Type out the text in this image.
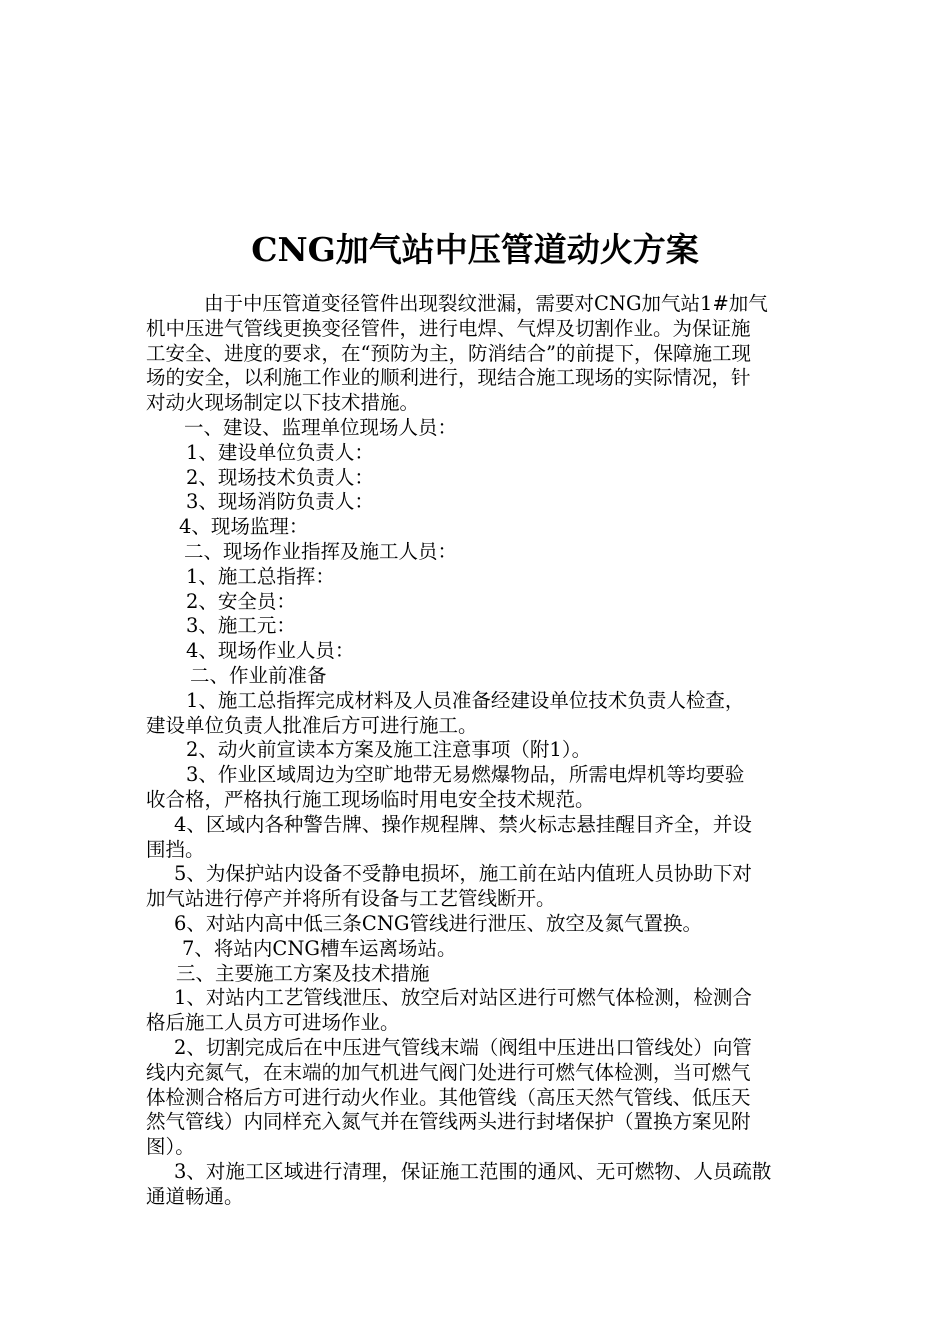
CNG加气站中压管道动火方案

由于中压管道变径管件出现裂纹泄漏，需要对CNG加气站1#加气

机中压进气管线更换变径管件，进行电焊、气焊及切割作业。为保证施

工安全、进度的要求，在“预防为主，防消结合”的前提下，保障施工现

场的安全，以利施工作业的顺利进行，现结合施工现场的实际情况，针

对动火现场制定以下技术措施。

一、建设、监理单位现场人员：

1、建设单位负责人：

2、现场技术负责人：

3、现场消防负责人：

4、现场监理：

二、现场作业指挥及施工人员：

1、施工总指挥：

2、安全员：

3、施工元：

4、现场作业人员：

二、作业前准备

1、施工总指挥完成材料及人员准备经建设单位技术负责人检查，

建设单位负责人批准后方可进行施工。

2、动火前宣读本方案及施工注意事项（附1）。

3、作业区域周边为空旷地带无易燃爆物品，所需电焊机等均要验

收合格，严格执行施工现场临时用电安全技术规范。

4、区域内各种警告牌、操作规程牌、禁火标志悬挂醒目齐全，并设

围挡。

5、为保护站内设备不受静电损坏，施工前在站内值班人员协助下对

加气站进行停产并将所有设备与工艺管线断开。

6、对站内高中低三条CNG管线进行泄压、放空及氮气置换。

7、将站内CNG槽车运离场站。

三、主要施工方案及技术措施

1、对站内工艺管线泄压、放空后对站区进行可燃气体检测，检测合

格后施工人员方可进场作业。

2、切割完成后在中压进气管线末端（阀组中压进出口管线处）向管

线内充氮气，在末端的加气机进气阀门处进行可燃气体检测，当可燃气

体检测合格后方可进行动火作业。其他管线（高压天然气管线、低压天

然气管线）内同样充入氮气并在管线两头进行封堵保护（置换方案见附

图）。

3、对施工区域进行清理，保证施工范围的通风、无可燃物、人员疏散

通道畅通。
